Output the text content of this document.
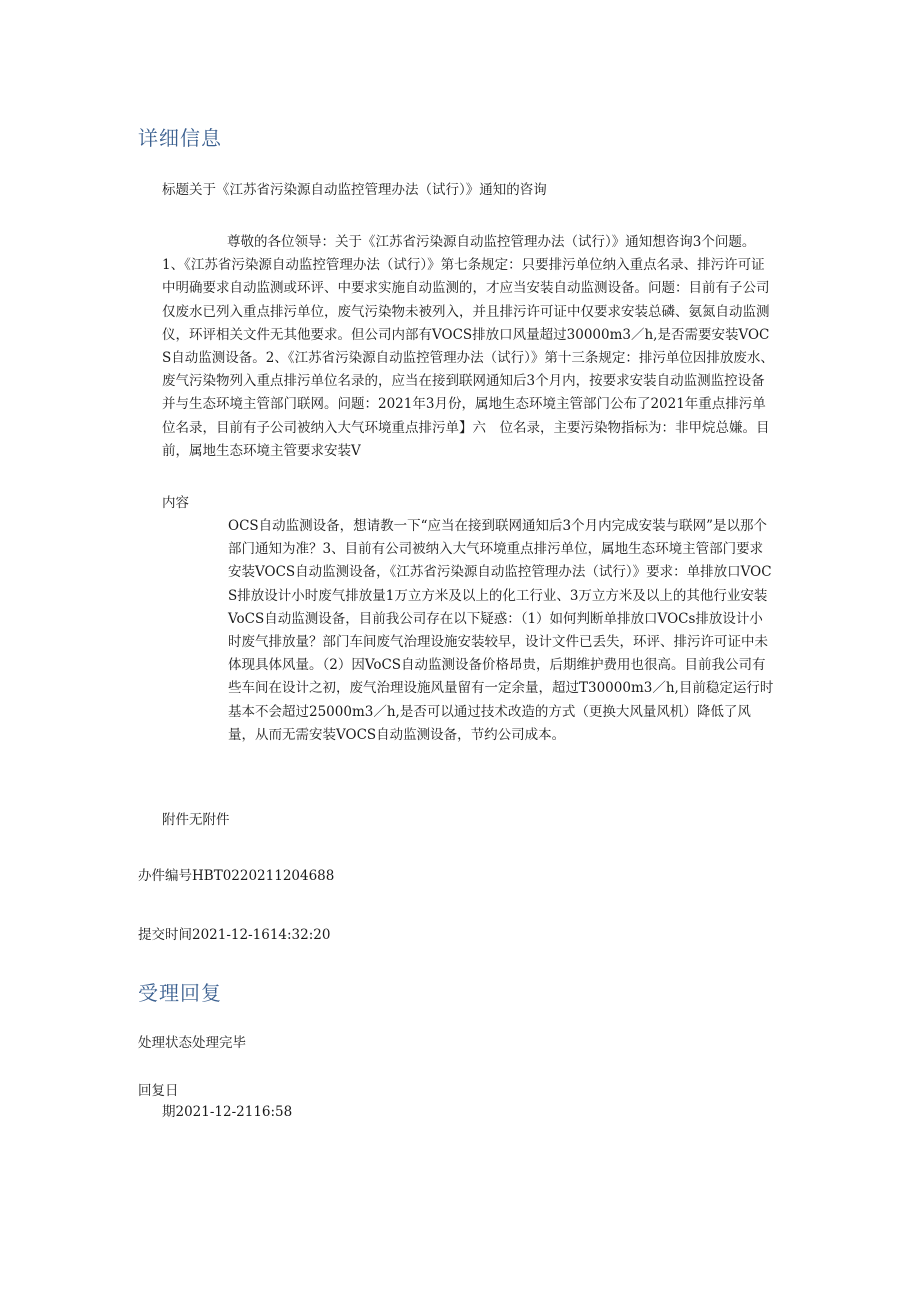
详细信息
标题关于《江苏省污染源自动监控管理办法（试行）》通知的咨询
尊敬的各位领导：关于《江苏省污染源自动监控管理办法（试行）》通知想咨询3个问题。1、《江苏省污染源自动监控管理办法（试行）》第七条规定：只要排污单位纳入重点名录、排污许可证中明确要求自动监测或环评、中要求实施自动监测的，才应当安装自动监测设备。问题：目前有子公司仅废水已列入重点排污单位，废气污染物未被列入，并且排污许可证中仅要求安装总磷、氨氮自动监测仪，环评相关文件无其他要求。但公司内部有VOCS排放口风量超过30000m3／h,是否需要安装VOCS自动监测设备。2、《江苏省污染源自动监控管理办法（试行）》第十三条规定：排污单位因排放废水、废气污染物列入重点排污单位名录的，应当在接到联网通知后3个月内，按要求安装自动监测监控设备并与生态环境主管部门联网。问题：2021年3月份，属地生态环境主管部门公布了2021年重点排污单位名录，目前有子公司被纳入大气环境重点排污单】六　位名录，主要污染物指标为：非甲烷总嫌。目前，属地生态环境主管要求安装V
内容
OCS自动监测设备，想请教一下“应当在接到联网通知后3个月内完成安装与联网”是以那个部门通知为准？3、目前有公司被纳入大气环境重点排污单位，属地生态环境主管部门要求安装VOCS自动监测设备，《江苏省污染源自动监控管理办法（试行）》要求：单排放口VOCS排放设计小时废气排放量1万立方米及以上的化工行业、3万立方米及以上的其他行业安装VoCS自动监测设备，目前我公司存在以下疑惑：（1）如何判断单排放口VOCs排放设计小时废气排放量？部门车间废气治理设施安装较早，设计文件已丢失，环评、排污许可证中未体现具体风量。（2）因VoCS自动监测设备价格昂贵，后期维护费用也很高。目前我公司有些车间在设计之初，废气治理设施风量留有一定余量，超过T30000m3／h,目前稳定运行时基本不会超过25000m3／h,是否可以通过技术改造的方式（更换大风量风机）降低了风量，从而无需安装VOCS自动监测设备，节约公司成本。
附件无附件
办件编号HBT0220211204688
提交时间2021-12-1614:32:20
受理回复
处理状态处理完毕
回复日
期2021-12-2116:58
